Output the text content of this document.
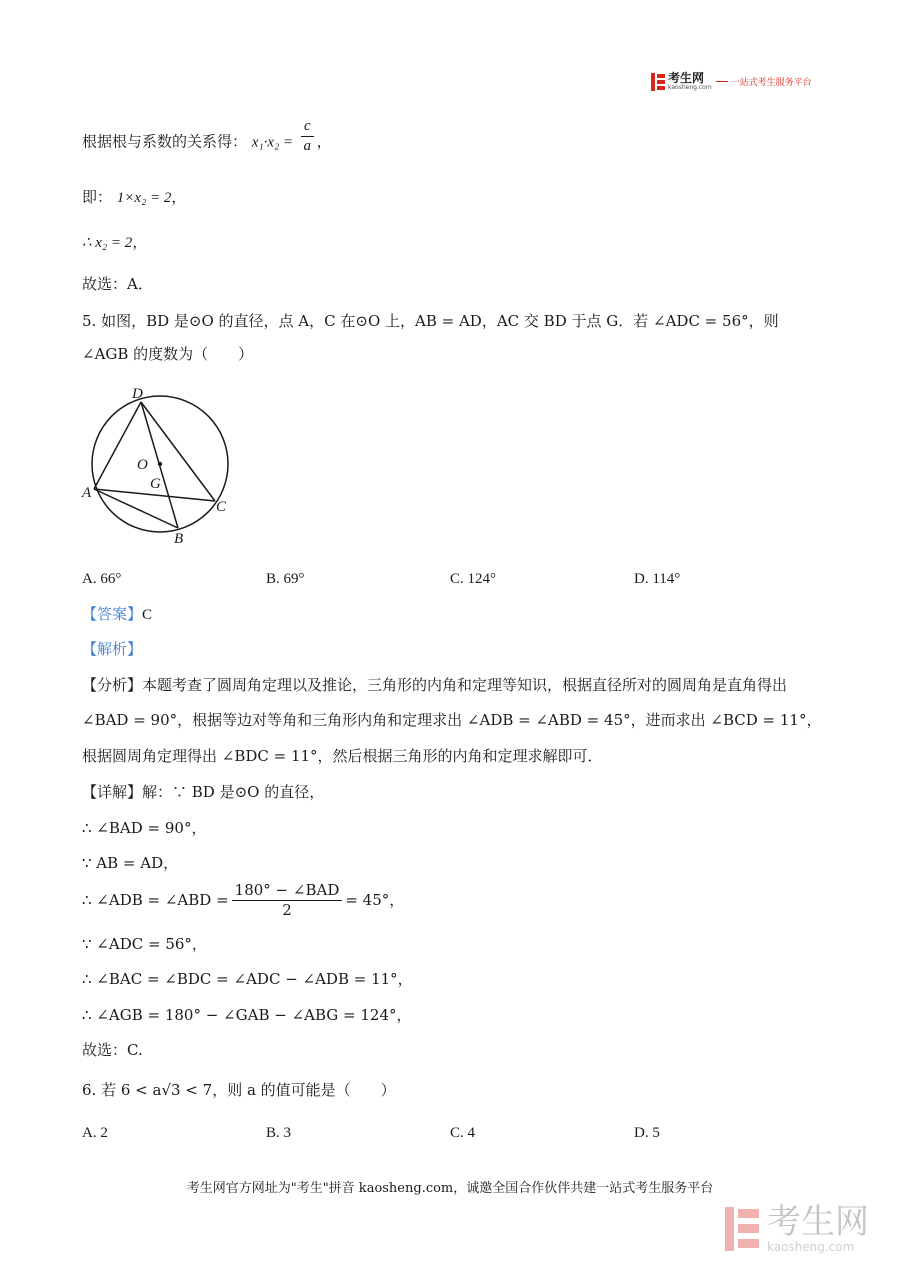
考生网
kaosheng.com 一站式考生服务平台
根据根与系数的关系得： $x_1\cdot x_2 = \frac{c}{a}$ ，
即： 1×x₂ = 2，
∴ x₂ = 2，
故选：A．
5. 如图，BD 是⊙O 的直径，点 A，C 在⊙O 上，AB = AD，AC 交 BD 于点 G．若 ∠ADC = 56°，则
∠AGB 的度数为（　　）
D
O
G
A
C
B
A. 66°	B. 69°	C. 124°	D. 114°
【答案】C
【解析】
【分析】本题考查了圆周角定理以及推论，三角形的内角和定理等知识，根据直径所对的圆周角是直角得出
∠BAD = 90°，根据等边对等角和三角形内角和定理求出 ∠ADB = ∠ABD = 45°，进而求出 ∠BCD = 11°，
根据圆周角定理得出 ∠BDC = 11°，然后根据三角形的内角和定理求解即可．
【详解】解：∵ BD 是⊙O 的直径，
∴ ∠BAD = 90°，
∵ AB = AD，
∴ ∠ADB = ∠ABD = $\frac{\text{180° − ∠BAD}}{2} = 45^\circ$，
∵ ∠ADC = 56°，
∴ ∠BAC = ∠BDC = ∠ADC − ∠ADB = 11°，
∴ ∠AGB = 180° − ∠GAB − ∠ABG = 124°，
故选：C.
6. 若 6 < a√3 < 7，则 a 的值可能是（　　）
A. 2	B. 3	C. 4	D. 5
考生网官方网址为"考生"拼音 kaosheng.com，诚邀全国合作伙伴共建一站式考生服务平台
考生网
kaosheng.com
